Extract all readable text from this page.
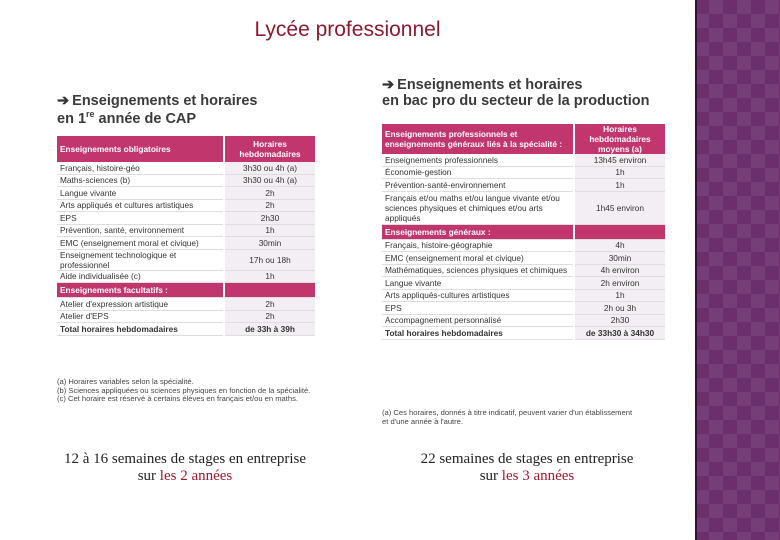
Lycée professionnel
➔ Enseignements et horaires
en 1re année de CAP
Enseignements obligatoires	Horaires hebdomadaires
Français, histoire-géo	3h30 ou 4h (a)
Maths-sciences (b)	3h30 ou 4h (a)
Langue vivante	2h
Arts appliqués et cultures artistiques	2h
EPS	2h30
Prévention, santé, environnement	1h
EMC (enseignement moral et civique)	30min
Enseignement technologique et professionnel	17h ou 18h
Aide individualisée (c)	1h
Enseignements facultatifs :	
Atelier d'expression artistique	2h
Atelier d'EPS	2h
Total horaires hebdomadaires	de 33h à 39h
(a) Horaires variables selon la spécialité.
(b) Sciences appliquées ou sciences physiques en fonction de la spécialité.
(c) Cet horaire est réservé à certains élèves en français et/ou en maths.
➔ Enseignements et horaires
en bac pro du secteur de la production
Enseignements professionnels et enseignements généraux liés à la spécialité :	Horaires hebdomadaires moyens (a)
Enseignements professionnels	13h45 environ
Économie-gestion	1h
Prévention-santé-environnement	1h
Français et/ou maths et/ou langue vivante et/ou sciences physiques et chimiques et/ou arts appliqués	1h45 environ
Enseignements généraux :	
Français, histoire-géographie	4h
EMC (enseignement moral et civique)	30min
Mathématiques, sciences physiques et chimiques	4h environ
Langue vivante	2h environ
Arts appliqués-cultures artistiques	1h
EPS	2h ou 3h
Accompagnement personnalisé	2h30
Total horaires hebdomadaires	de 33h30 à 34h30
(a) Ces horaires, donnés à titre indicatif, peuvent varier d'un établissement
et d'une année à l'autre.
12 à 16 semaines de stages en entreprise
sur les 2 années
22 semaines de stages en entreprise
sur les 3 années
